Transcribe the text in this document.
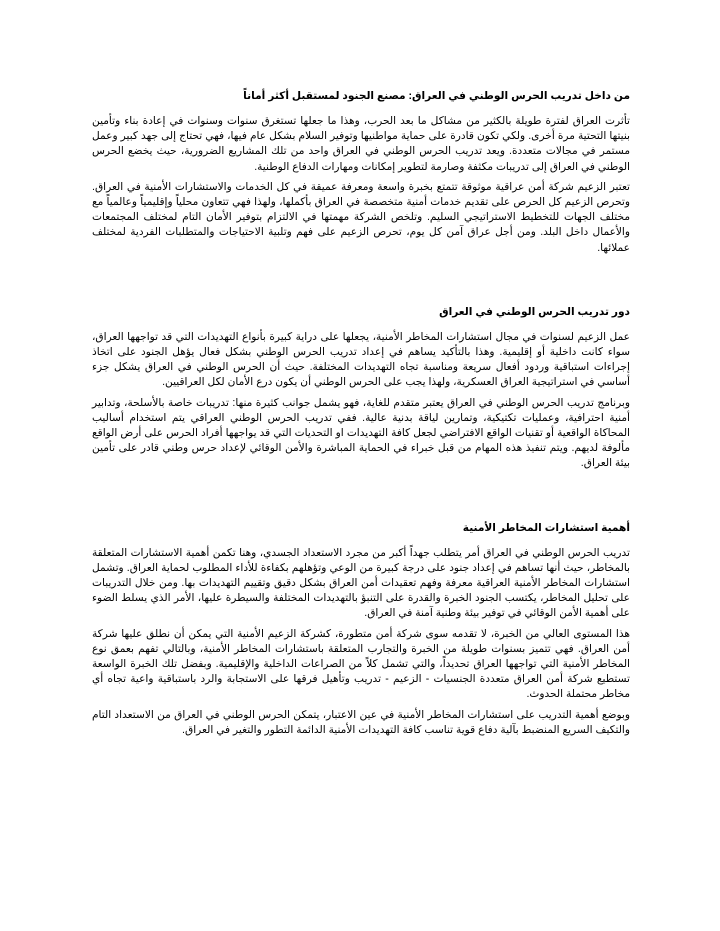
من داخل تدريب الحرس الوطني في العراق: مصنع الجنود لمستقبل أكثر أماناً

تأثرت العراق لفترة طويلة بالكثير من مشاكل ما بعد الحرب، وهذا ما جعلها تستغرق سنوات وسنوات في إعادة بناء وتأمين بنيتها التحتية مرة أخرى. ولكي تكون قادرة على حماية مواطنيها وتوفير السلام بشكل عام فيها، فهي تحتاج إلى جهد كبير وعمل مستمر في مجالات متعددة. ويعد تدريب الحرس الوطني في العراق واحد من تلك المشاريع الضرورية، حيث يخضع الحرس الوطني في العراق إلى تدريبات مكثفة وصارمة لتطوير إمكانات ومهارات الدفاع الوطنية.

تعتبر الزعيم شركة أمن عراقية موثوقة تتمتع بخبرة واسعة ومعرفة عميقة في كل الخدمات والاستشارات الأمنية في العراق. وتحرص الزعيم كل الحرص على تقديم خدمات أمنية متخصصة في العراق بأكملها، ولهذا فهي تتعاون محلياً وإقليمياً وعالمياً مع مختلف الجهات للتخطيط الاستراتيجي السليم. وتلخص الشركة مهمتها في الالتزام بتوفير الأمان التام لمختلف المجتمعات والأعمال داخل البلد. ومن أجل عراق آمن كل يوم، تحرص الزعيم على فهم وتلبية الاحتياجات والمتطلبات الفردية لمختلف عملائها.

دور تدريب الحرس الوطني في العراق

عمل الزعيم لسنوات في مجال استشارات المخاطر الأمنية، يجعلها على دراية كبيرة بأنواع التهديدات التي قد تواجهها العراق، سواء كانت داخلية أو إقليمية. وهذا بالتأكيد يساهم في إعداد تدريب الحرس الوطني بشكل فعال يؤهل الجنود على اتخاذ إجراءات استباقية وردود أفعال سريعة ومناسبة تجاه التهديدات المختلفة. حيث أن الحرس الوطني في العراق يشكل جزء أساسي في استراتيجية العراق العسكرية، ولهذا يجب على الحرس الوطني أن يكون درع الأمان لكل العراقيين.

وبرنامج تدريب الحرس الوطني في العراق يعتبر متقدم للغاية، فهو يشمل جوانب كثيرة منها: تدريبات خاصة بالأسلحة، وتدابير أمنية احترافية، وعمليات تكتيكية، وتمارين لياقة بدنية عالية. ففي تدريب الحرس الوطني العراقي يتم استخدام أساليب المحاكاة الواقعية أو تقنيات الواقع الافتراضي لجعل كافة التهديدات او التحديات التي قد يواجهها أفراد الحرس على أرض الواقع مألوفة لديهم. ويتم تنفيذ هذه المهام من قبل خبراء في الحماية المباشرة والأمن الوقائي لإعداد حرس وطني قادر على تأمين بيئة العراق.

أهمية استشارات المخاطر الأمنية

تدريب الحرس الوطني في العراق أمر يتطلب جهداً أكبر من مجرد الاستعداد الجسدي، وهنا تكمن أهمية الاستشارات المتعلقة بالمخاطر، حيث أنها تساهم في إعداد جنود على درجة كبيرة من الوعي وتؤهلهم بكفاءة للأداء المطلوب لحماية العراق. وتشمل استشارات المخاطر الأمنية العراقية معرفة وفهم تعقيدات أمن العراق بشكل دقيق وتقييم التهديدات بها. ومن خلال التدريبات على تحليل المخاطر، يكتسب الجنود الخبرة والقدرة على التنبؤ بالتهديدات المختلفة والسيطرة عليها، الأمر الذي يسلط الضوء على أهمية الأمن الوقائي في توفير بيئة وطنية آمنة في العراق.

هذا المستوى العالي من الخبرة، لا تقدمه سوى شركة أمن متطورة، كشركة الزعيم الأمنية التي يمكن أن نطلق عليها شركة أمن العراق. فهي تتميز بسنوات طويلة من الخبرة والتجارب المتعلقة باستشارات المخاطر الأمنية، وبالتالي تفهم بعمق نوع المخاطر الأمنية التي تواجهها العراق تحديداً، والتي تشمل كلاً من الصراعات الداخلية والإقليمية. وبفضل تلك الخبرة الواسعة تستطيع شركة أمن العراق متعددة الجنسيات - الزعيم - تدريب وتأهيل فرقها على الاستجابة والرد باستباقية واعية تجاه أي مخاطر محتملة الحدوث.

وبوضع أهمية التدريب على استشارات المخاطر الأمنية في عين الاعتبار، يتمكن الحرس الوطني في العراق من الاستعداد التام والتكيف السريع المنضبط بآلية دفاع قوية تناسب كافة التهديدات الأمنية الدائمة التطور والتغير في العراق.
